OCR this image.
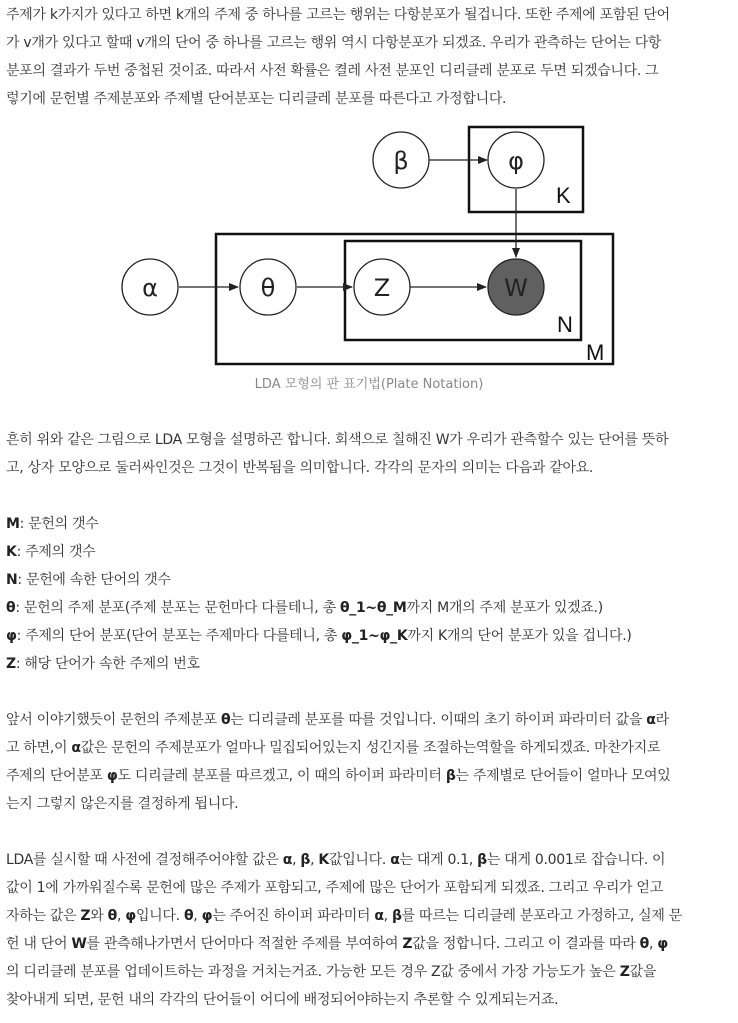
주제가 k가지가 있다고 하면 k개의 주제 중 하나를 고르는 행위는 다항분포가 될겁니다. 또한 주제에 포함된 단어
가 v개가 있다고 할때 v개의 단어 중 하나를 고르는 행위 역시 다항분포가 되겠죠. 우리가 관측하는 단어는 다항
분포의 결과가 두번 중첩된 것이죠. 따라서 사전 확률은 켤레 사전 분포인 디리클레 분포로 두면 되겠습니다. 그
렇기에 문헌별 주제분포와 주제별 단어분포는 디리클레 분포를 따른다고 가정합니다.
β	φ
α	θ	Z	W
K
N
M
LDA 모형의 판 표기법(Plate Notation)
흔히 위와 같은 그림으로 LDA 모형을 설명하곤 합니다. 회색으로 칠해진 W가 우리가 관측할수 있는 단어를 뜻하
고, 상자 모양으로 둘러싸인것은 그것이 반복됨을 의미합니다. 각각의 문자의 의미는 다음과 같아요.
M: 문헌의 갯수
K: 주제의 갯수
N: 문헌에 속한 단어의 갯수
θ: 문헌의 주제 분포(주제 분포는 문헌마다 다를테니, 총 θ_1~θ_M까지 M개의 주제 분포가 있겠죠.)
φ: 주제의 단어 분포(단어 분포는 주제마다 다를테니, 총 φ_1~φ_K까지 K개의 단어 분포가 있을 겁니다.)
Z: 해당 단어가 속한 주제의 번호
앞서 이야기했듯이 문헌의 주제분포 θ는 디리클레 분포를 따를 것입니다. 이때의 초기 하이퍼 파라미터 값을 α라
고 하면,이 α값은 문헌의 주제분포가 얼마나 밀집되어있는지 성긴지를 조절하는역할을 하게되겠죠. 마찬가지로
주제의 단어분포 φ도 디리클레 분포를 따르겠고, 이 때의 하이퍼 파라미터 β는 주제별로 단어들이 얼마나 모여있
는지 그렇지 않은지를 결정하게 됩니다.
LDA를 실시할 때 사전에 결정해주어야할 값은 α, β, K값입니다. α는 대게 0.1, β는 대게 0.001로 잡습니다. 이
값이 1에 가까워질수록 문헌에 많은 주제가 포함되고, 주제에 많은 단어가 포함되게 되겠죠. 그리고 우리가 얻고
자하는 값은 Z와 θ, φ입니다. θ, φ는 주어진 하이퍼 파라미터 α, β를 따르는 디리클레 분포라고 가정하고, 실제 문
헌 내 단어 W를 관측해나가면서 단어마다 적절한 주제를 부여하여 Z값을 정합니다. 그리고 이 결과를 따라 θ, φ
의 디리클레 분포를 업데이트하는 과정을 거치는거죠. 가능한 모든 경우 Z값 중에서 가장 가능도가 높은 Z값을
찾아내게 되면, 문헌 내의 각각의 단어들이 어디에 배정되어야하는지 추론할 수 있게되는거죠.
